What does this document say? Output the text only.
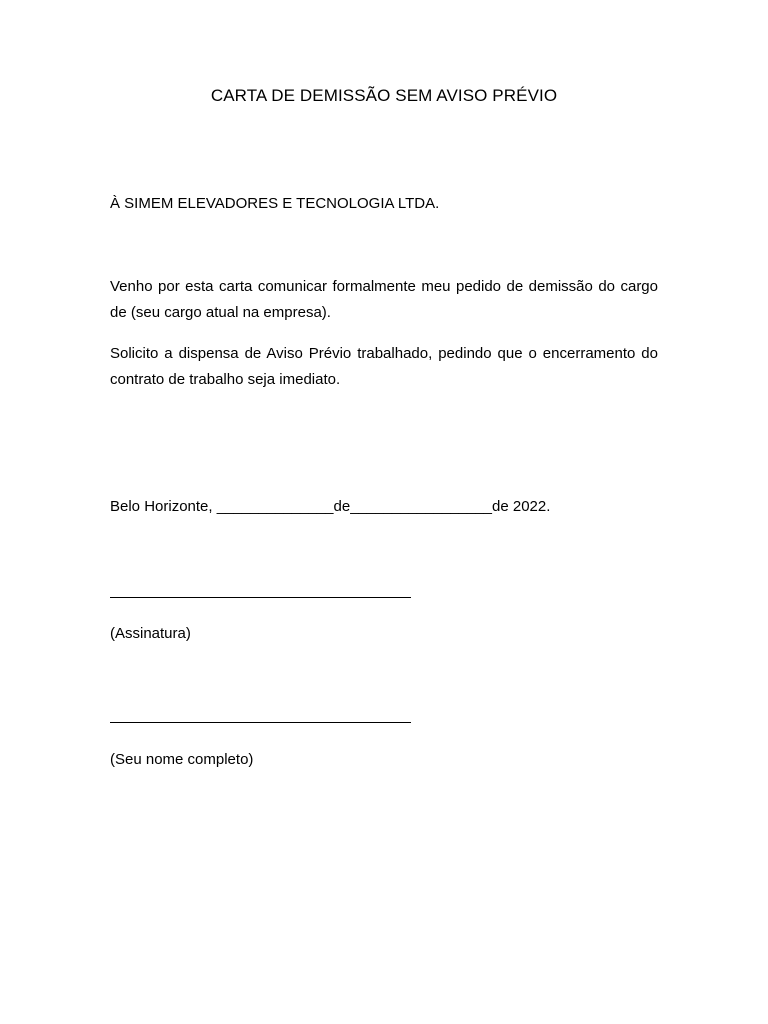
CARTA DE DEMISSÃO SEM AVISO PRÉVIO
À SIMEM ELEVADORES E TECNOLOGIA LTDA.
Venho por esta carta comunicar formalmente meu pedido de demissão do cargo de (seu cargo atual na empresa).
Solicito a dispensa de Aviso Prévio trabalhado, pedindo que o encerramento do contrato de trabalho seja imediato.
Belo Horizonte, ______________de_________________de 2022.
(Assinatura)
(Seu nome completo)
